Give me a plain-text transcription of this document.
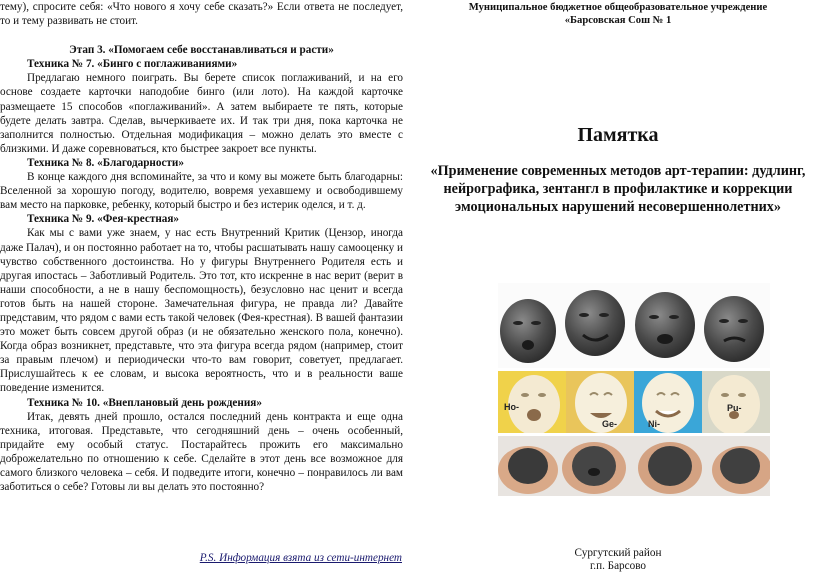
тему), спросите себя: «Что нового я хочу себе сказать?» Если ответа не последует, то и тему развивать не стоит.

Этап 3. «Помогаем себе восстанавливаться и расти»

Техника № 7. «Бинго с поглаживаниями»

Предлагаю немного поиграть. Вы берете список поглаживаний, и на его основе создаете карточки наподобие бинго (или лото). На каждой карточке размещаете 15 способов «поглаживаний». А затем выбираете те пять, которые будете делать завтра. Сделав, вычеркиваете их. И так три дня, пока карточка не заполнится полностью. Отдельная модификация – можно делать это вместе с близкими. И даже соревноваться, кто быстрее закроет все пункты.

Техника № 8. «Благодарности»

В конце каждого дня вспоминайте, за что и кому вы можете быть благодарны: Вселенной за хорошую погоду, водителю, вовремя уехавшему и освободившему вам место на парковке, ребенку, который быстро и без истерик оделся, и т. д.

Техника № 9. «Фея-крестная»

Как мы с вами уже знаем, у нас есть Внутренний Критик (Цензор, иногда даже Палач), и он постоянно работает на то, чтобы расшатывать нашу самооценку и чувство собственного достоинства. Но у фигуры Внутреннего Родителя есть и другая ипостась – Заботливый Родитель. Это тот, кто искренне в нас верит (верит в наши способности, а не в нашу беспомощность), безусловно нас ценит и всегда готов быть на нашей стороне. Замечательная фигура, не правда ли? Давайте представим, что рядом с вами есть такой человек (Фея-крестная). В вашей фантазии это может быть совсем другой образ (и не обязательно женского пола, конечно). Когда образ возникнет, представьте, что эта фигура всегда рядом (например, стоит за правым плечом) и периодически что-то вам говорит, советует, предлагает. Прислушайтесь к ее словам, и высока вероятность, что и в реальности ваше поведение изменится.

Техника № 10. «Внеплановый день рождения»

Итак, девять дней прошло, остался последний день контракта и еще одна техника, итоговая. Представьте, что сегодняшний день – очень особенный, придайте ему особый статус. Постарайтесь прожить его максимально доброжелательно по отношению к себе. Сделайте в этот день все возможное для самого близкого человека – себя. И подведите итоги, конечно – понравилось ли вам заботиться о себе? Готовы ли вы делать это постоянно?

P.S. Информация взята из сети-интернет
Муниципальное бюджетное общеобразовательное учреждение
«Барсовская Сош № 1
Памятка
«Применение современных методов арт-терапии: дудлинг, нейрографика, зентангл в профилактике и коррекции эмоциональных нарушений несовершеннолетних»
Сургутский район
г.п. Барсово
Ho-
Ge-	Ni-
Pu-
